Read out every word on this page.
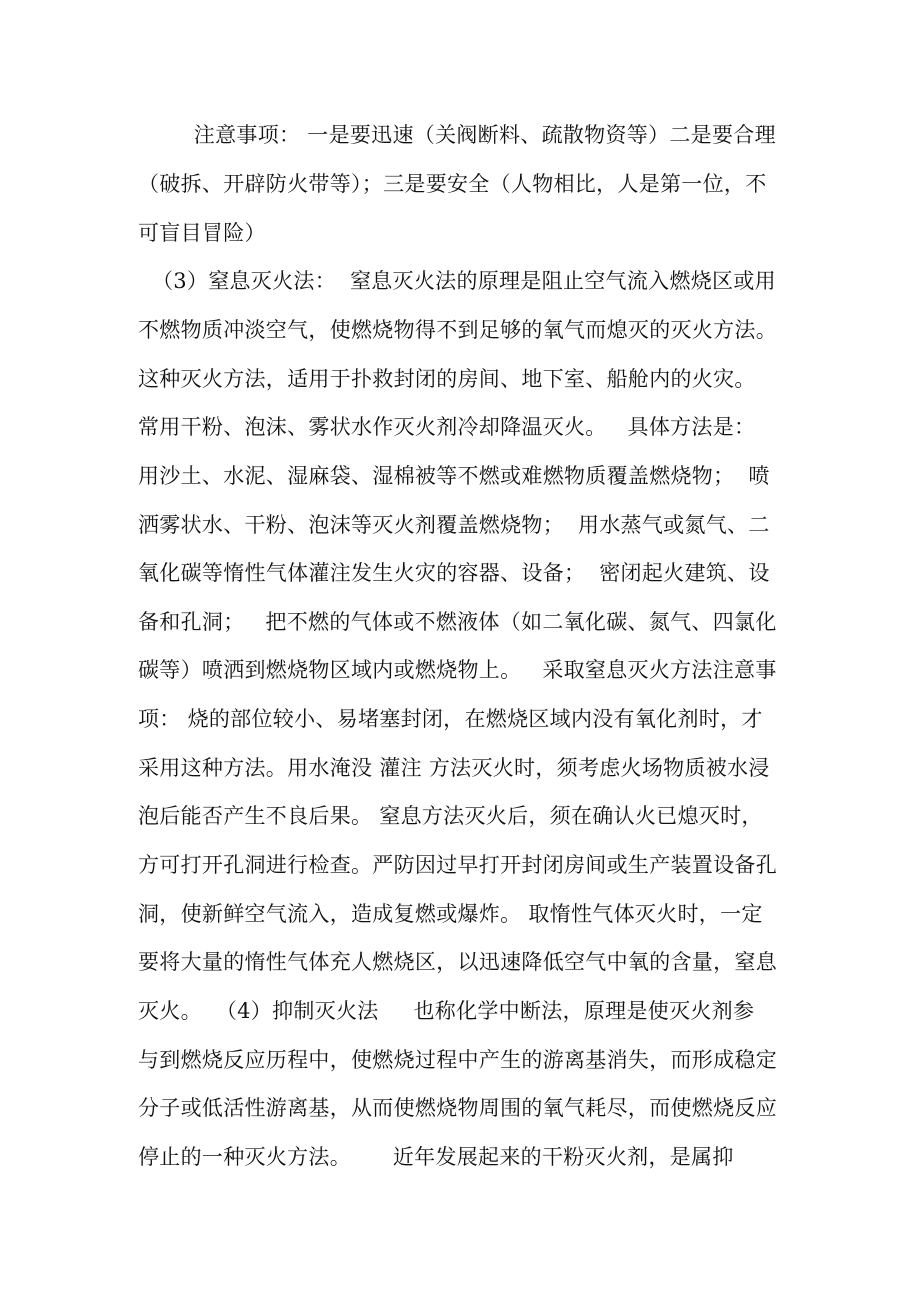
注意事项： 一是要迅速（关阀断料、疏散物资等）二是要合理
（破拆、开辟防火带等）；三是要安全（人物相比，人是第一位，不
可盲目冒险）
（3）窒息灭火法：  窒息灭火法的原理是阻止空气流入燃烧区或用
不燃物质冲淡空气，使燃烧物得不到足够的氧气而熄灭的灭火方法。
这种灭火方法，适用于扑救封闭的房间、地下室、船舱内的火灾。
常用干粉、泡沫、雾状水作灭火剂冷却降温灭火。   具体方法是：
用沙土、水泥、湿麻袋、湿棉被等不燃或难燃物质覆盖燃烧物；  喷
洒雾状水、干粉、泡沫等灭火剂覆盖燃烧物；  用水蒸气或氮气、二
氧化碳等惰性气体灌注发生火灾的容器、设备；  密闭起火建筑、设
备和孔洞；   把不燃的气体或不燃液体（如二氧化碳、氮气、四氯化
碳等）喷洒到燃烧物区域内或燃烧物上。   采取窒息灭火方法注意事
项： 烧的部位较小、易堵塞封闭，在燃烧区域内没有氧化剂时，才
采用这种方法。用水淹没 灌注 方法灭火时，须考虑火场物质被水浸
泡后能否产生不良后果。 窒息方法灭火后，须在确认火已熄灭时，
方可打开孔洞进行检查。严防因过早打开封闭房间或生产装置设备孔
洞，使新鲜空气流入，造成复燃或爆炸。 取惰性气体灭火时，一定
要将大量的惰性气体充人燃烧区，以迅速降低空气中氧的含量，窒息
灭火。  （4）抑制灭火法     也称化学中断法，原理是使灭火剂参
与到燃烧反应历程中，使燃烧过程中产生的游离基消失，而形成稳定
分子或低活性游离基，从而使燃烧物周围的氧气耗尽，而使燃烧反应
停止的一种灭火方法。      近年发展起来的干粉灭火剂，是属抑
